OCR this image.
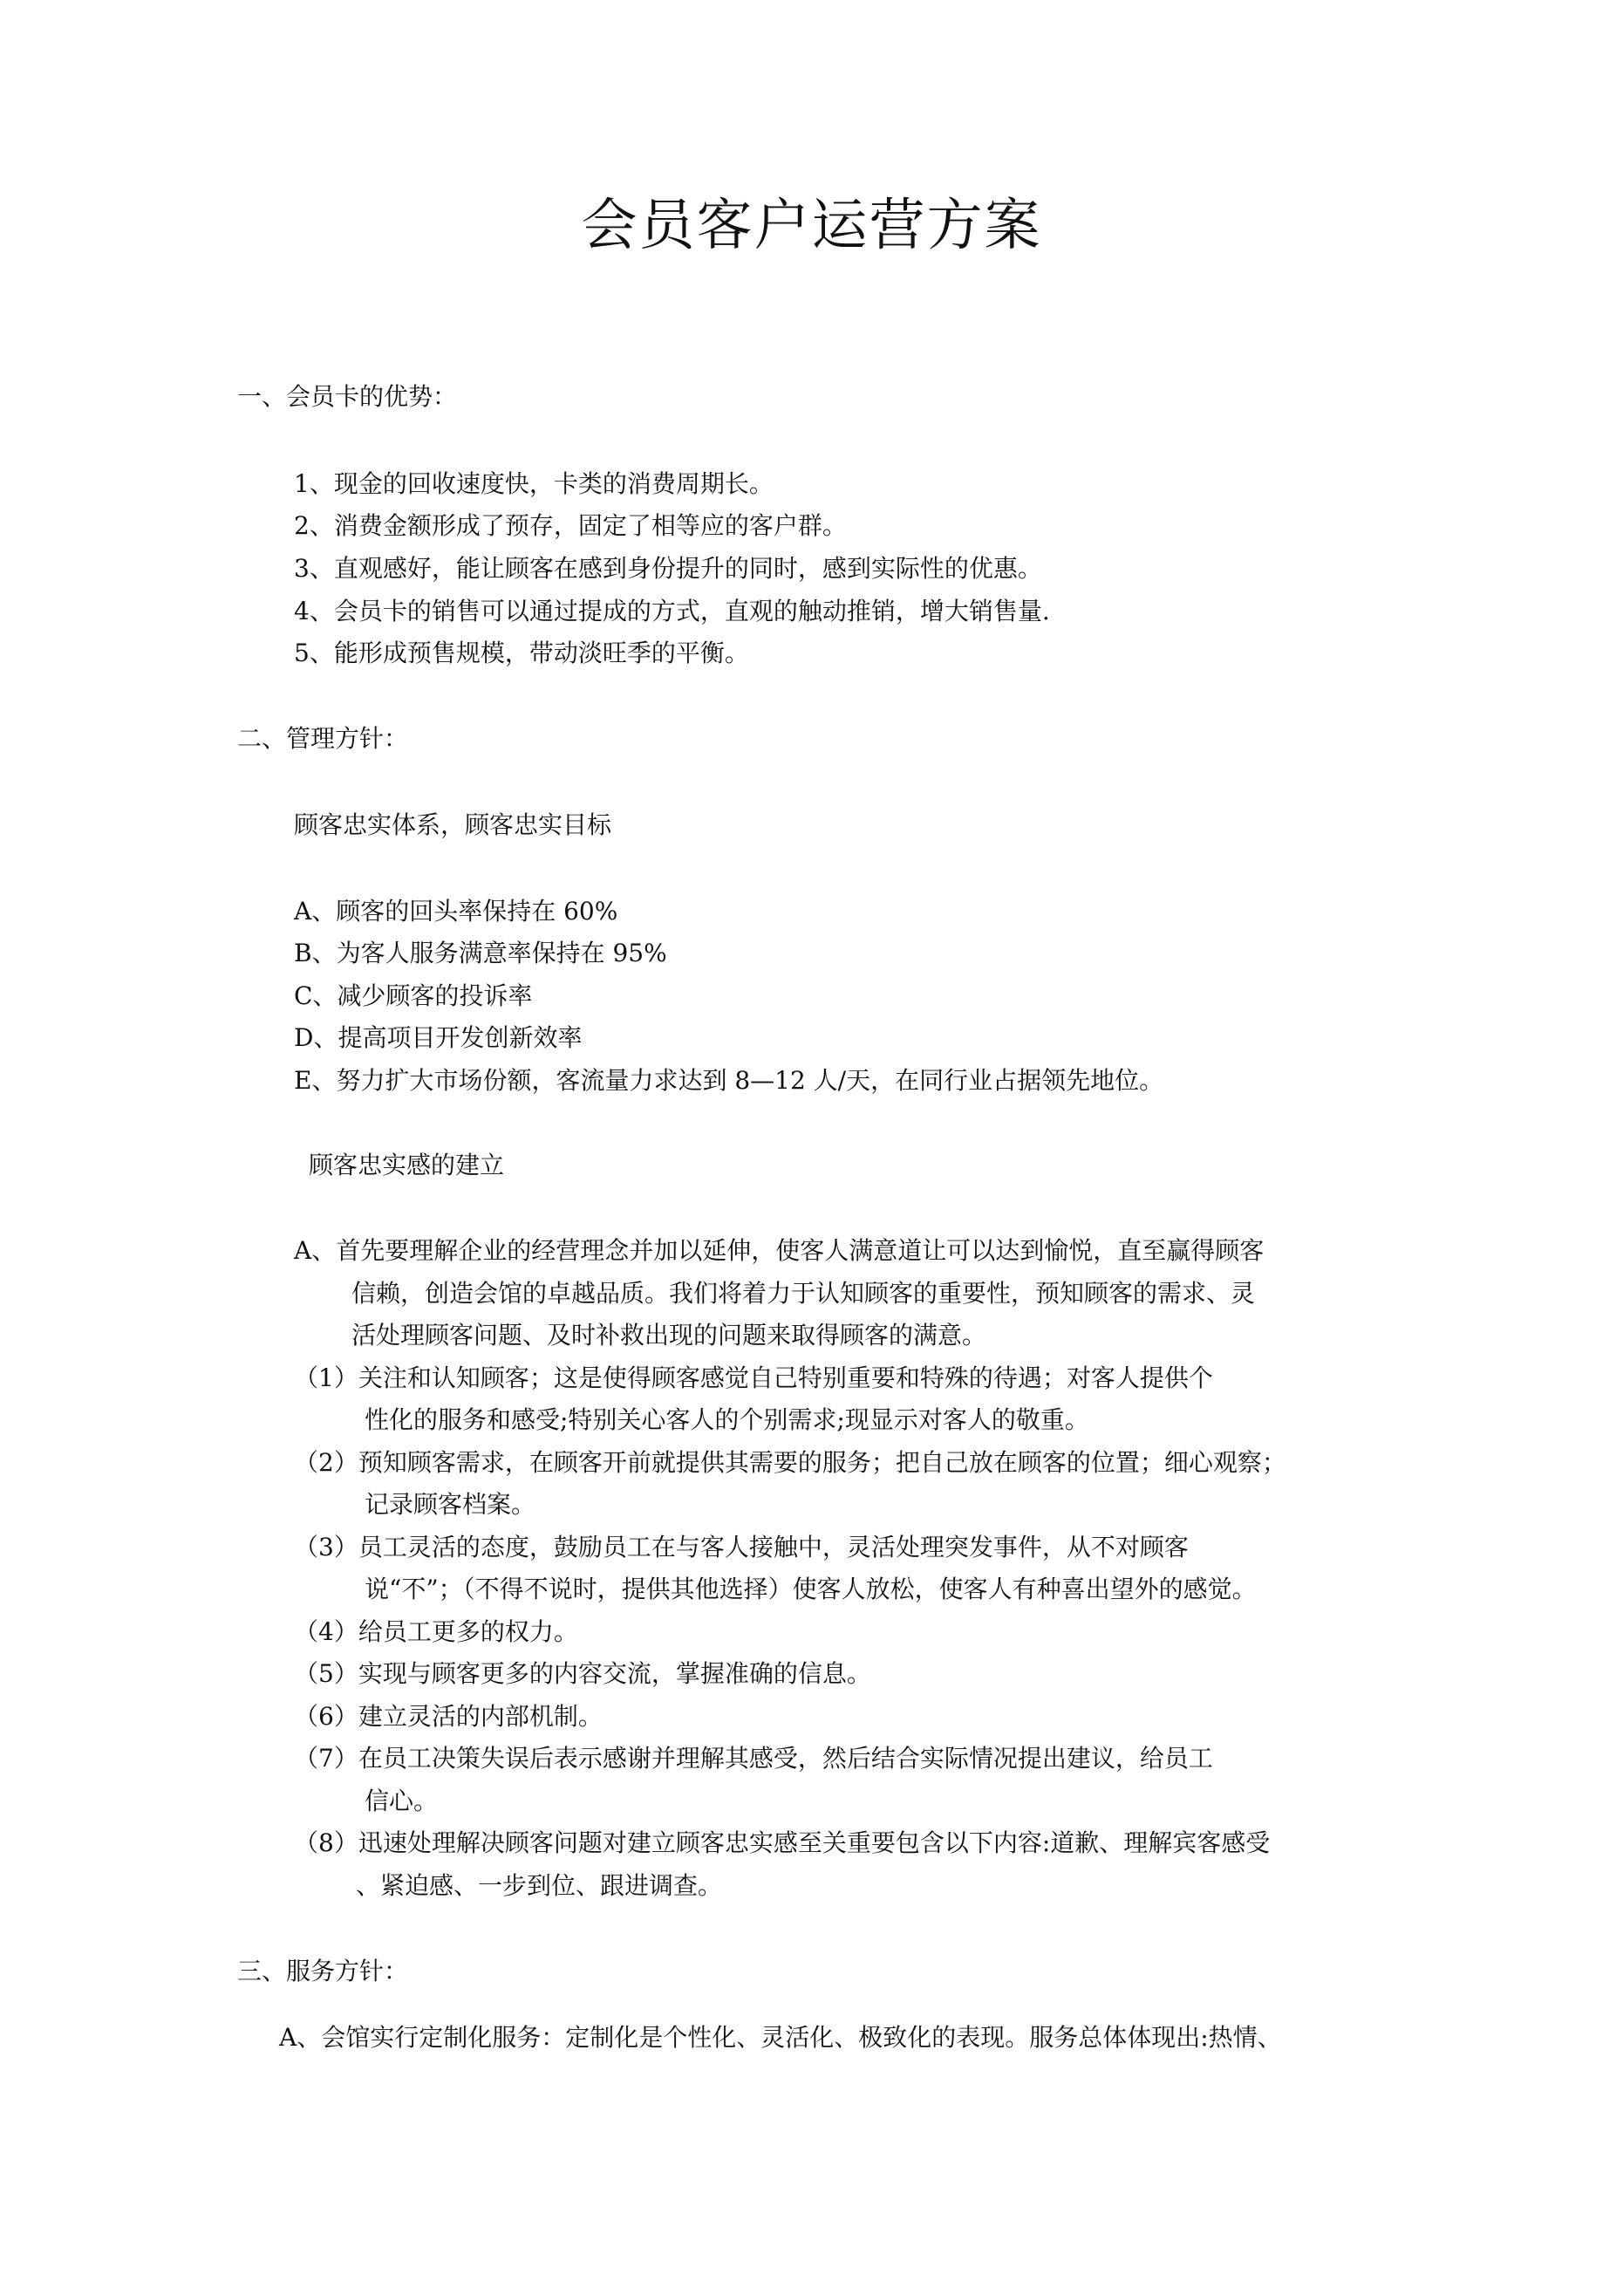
会员客户运营方案
一、会员卡的优势：
1、现金的回收速度快，卡类的消费周期长。
2、消费金额形成了预存，固定了相等应的客户群。
3、直观感好，能让顾客在感到身份提升的同时，感到实际性的优惠。
4、会员卡的销售可以通过提成的方式，直观的触动推销，增大销售量.
5、能形成预售规模，带动淡旺季的平衡。
二、管理方针：
顾客忠实体系，顾客忠实目标
A、顾客的回头率保持在 60%
B、为客人服务满意率保持在 95%
C、减少顾客的投诉率
D、提高项目开发创新效率
E、努力扩大市场份额，客流量力求达到 8—12 人/天，在同行业占据领先地位。
顾客忠实感的建立
A、首先要理解企业的经营理念并加以延伸，使客人满意道让可以达到愉悦，直至赢得顾客
信赖，创造会馆的卓越品质。我们将着力于认知顾客的重要性，预知顾客的需求、灵
活处理顾客问题、及时补救出现的问题来取得顾客的满意。
（1）关注和认知顾客；这是使得顾客感觉自己特别重要和特殊的待遇；对客人提供个
性化的服务和感受;特别关心客人的个别需求;现显示对客人的敬重。
（2）预知顾客需求，在顾客开前就提供其需要的服务；把自己放在顾客的位置；细心观察；
记录顾客档案。
（3）员工灵活的态度，鼓励员工在与客人接触中，灵活处理突发事件，从不对顾客
说“不”；（不得不说时，提供其他选择）使客人放松，使客人有种喜出望外的感觉。
（4）给员工更多的权力。
（5）实现与顾客更多的内容交流，掌握准确的信息。
（6）建立灵活的内部机制。
（7）在员工决策失误后表示感谢并理解其感受，然后结合实际情况提出建议，给员工
信心。
（8）迅速处理解决顾客问题对建立顾客忠实感至关重要包含以下内容:道歉、理解宾客感受
、紧迫感、一步到位、跟进调查。
三、服务方针：
A、会馆实行定制化服务：定制化是个性化、灵活化、极致化的表现。服务总体体现出:热情、
